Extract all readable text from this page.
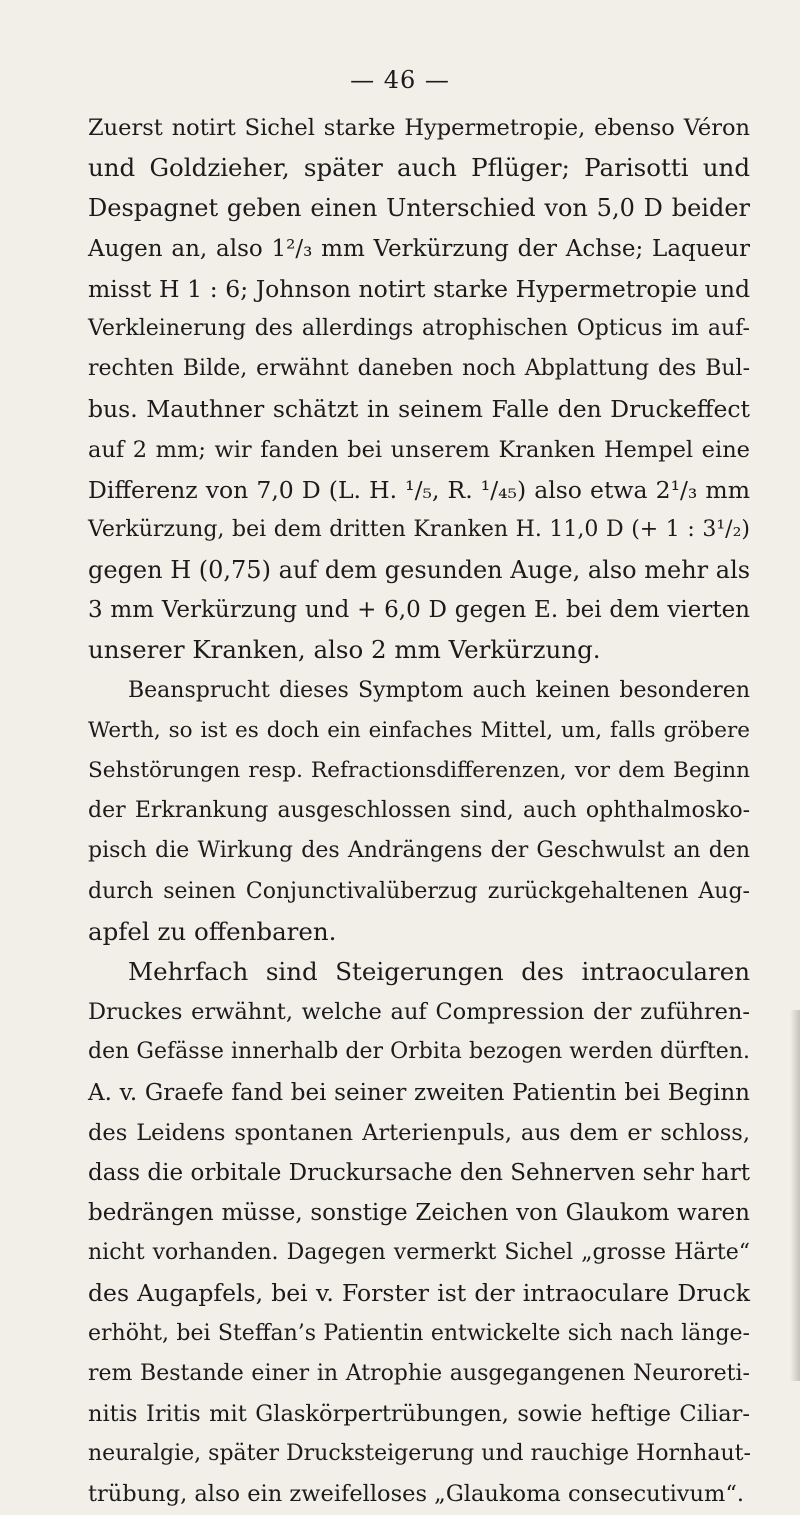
— 46 —
Zuerst notirt Sichel starke Hypermetropie, ebenso Véron
und Goldzieher, später auch Pflüger; Parisotti und
Despagnet geben einen Unterschied von 5,0 D beider
Augen an, also 1²/₃ mm Verkürzung der Achse; Laqueur
misst H 1 : 6; Johnson notirt starke Hypermetropie und
Verkleinerung des allerdings atrophischen Opticus im auf-
rechten Bilde, erwähnt daneben noch Abplattung des Bul-
bus. Mauthner schätzt in seinem Falle den Druckeffect
auf 2 mm; wir fanden bei unserem Kranken Hempel eine
Differenz von 7,0 D (L. H. ¹/₅, R. ¹/₄₅) also etwa 2¹/₃ mm
Verkürzung, bei dem dritten Kranken H. 11,0 D (+ 1 : 3¹/₂)
gegen H (0,75) auf dem gesunden Auge, also mehr als
3 mm Verkürzung und + 6,0 D gegen E. bei dem vierten
unserer Kranken, also 2 mm Verkürzung.
Beansprucht dieses Symptom auch keinen besonderen
Werth, so ist es doch ein einfaches Mittel, um, falls gröbere
Sehstörungen resp. Refractionsdifferenzen, vor dem Beginn
der Erkrankung ausgeschlossen sind, auch ophthalmosko-
pisch die Wirkung des Andrängens der Geschwulst an den
durch seinen Conjunctivalüberzug zurückgehaltenen Aug-
apfel zu offenbaren.
Mehrfach sind Steigerungen des intraocularen
Druckes erwähnt, welche auf Compression der zuführen-
den Gefässe innerhalb der Orbita bezogen werden dürften.
A. v. Graefe fand bei seiner zweiten Patientin bei Beginn
des Leidens spontanen Arterienpuls, aus dem er schloss,
dass die orbitale Druckursache den Sehnerven sehr hart
bedrängen müsse, sonstige Zeichen von Glaukom waren
nicht vorhanden. Dagegen vermerkt Sichel „grosse Härte“
des Augapfels, bei v. Forster ist der intraoculare Druck
erhöht, bei Steffan’s Patientin entwickelte sich nach länge-
rem Bestande einer in Atrophie ausgegangenen Neuroreti-
nitis Iritis mit Glaskörpertrübungen, sowie heftige Ciliar-
neuralgie, später Drucksteigerung und rauchige Hornhaut-
trübung, also ein zweifelloses „Glaukoma consecutivum“.
